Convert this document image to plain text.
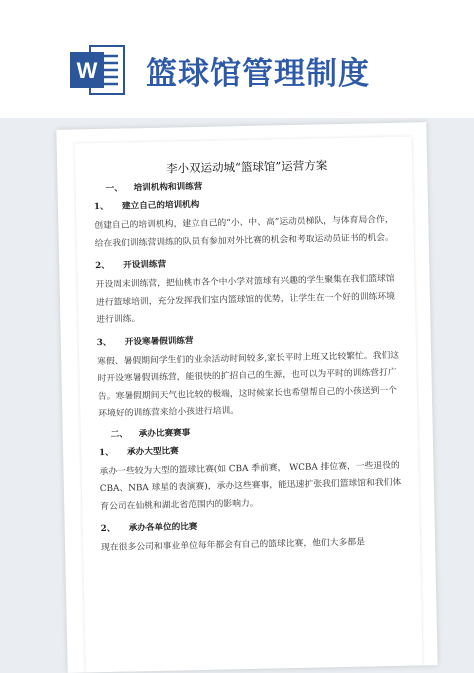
W 篮球馆管理制度
李小双运动城“篮球馆”运营方案
一、 培训机构和训练营
1、 建立自己的培训机构

创建自己的培训机构，建立自己的“小、中、高”运动员梯队，与体育局合作，给在我们训练营训练的队员有参加对外比赛的机会和考取运动员证书的机会。

2、 开设训练营

开设周末训练营，把仙桃市各个中小学对篮球有兴趣的学生聚集在我们篮球馆进行篮球培训，充分发挥我们室内篮球馆的优势，让学生在一个好的训练环境进行训练。

3、 开设寒暑假训练营

寒假、暑假期间学生们的业余活动时间较多,家长平时上班又比较繁忙。我们这时开设寒暑假训练营，能很快的扩招自己的生源，也可以为平时的训练营打广告。寒暑假期间天气也比较的极端，这时候家长也希望帮自己的小孩送到一个环境好的训练营来给小孩进行培训。

二、 承办比赛赛事
1、 承办大型比赛

承办一些较为大型的篮球比赛(如 CBA 季前赛， WCBA 排位赛，一些退役的 CBA、NBA 球星的表演赛)，承办这些赛事，能迅速扩张我们篮球馆和我们体育公司在仙桃和湖北省范围内的影响力。

2、 承办各单位的比赛

现在很多公司和事业单位每年都会有自己的篮球比赛，他们大多都是
